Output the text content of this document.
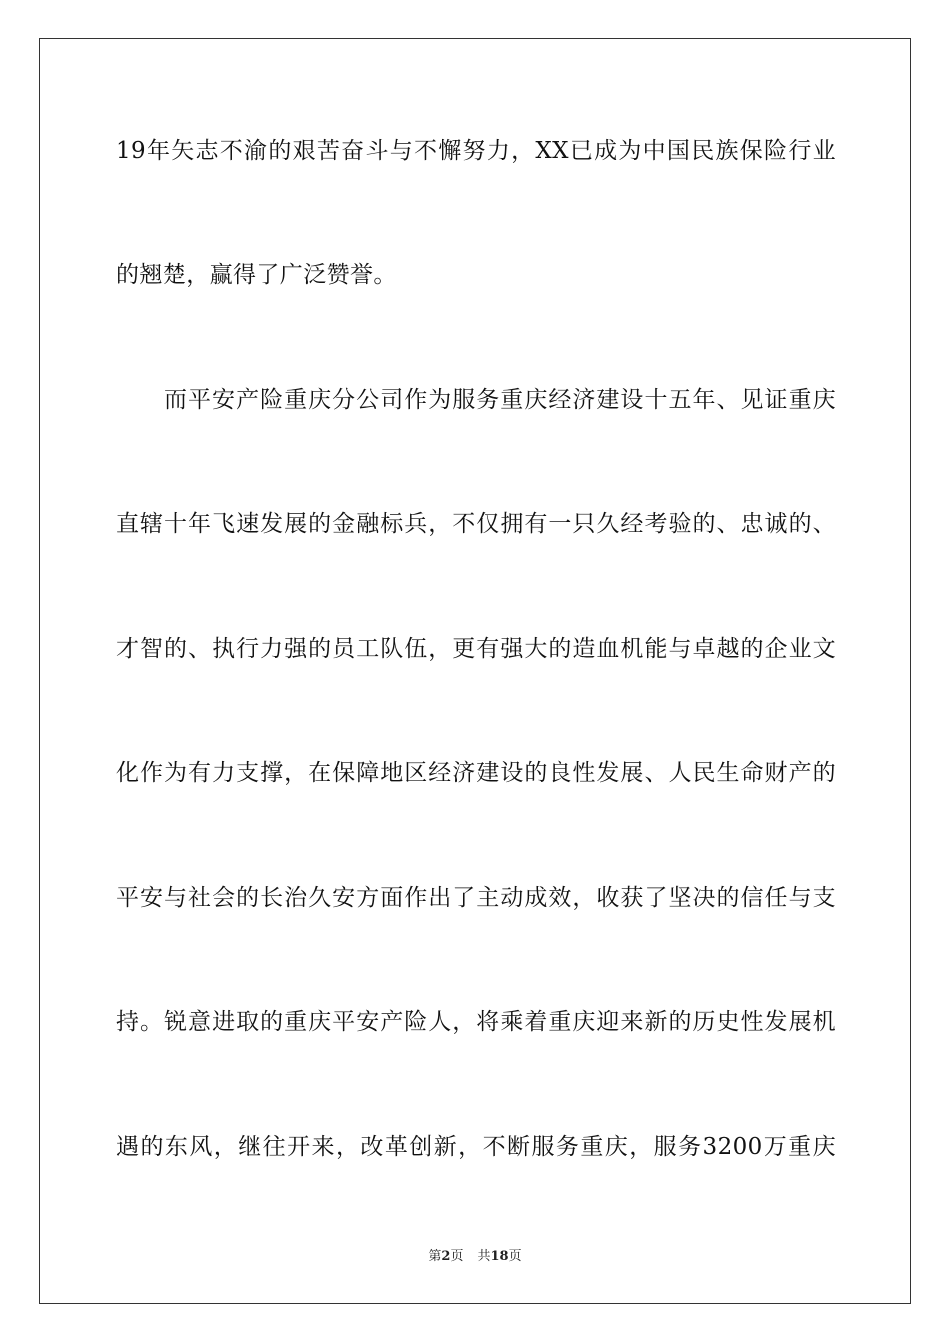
19年矢志不渝的艰苦奋斗与不懈努力，XX已成为中国民族保险行业
的翘楚，赢得了广泛赞誉。
而平安产险重庆分公司作为服务重庆经济建设十五年、见证重庆
直辖十年飞速发展的金融标兵，不仅拥有一只久经考验的、忠诚的、
才智的、执行力强的员工队伍，更有强大的造血机能与卓越的企业文
化作为有力支撑，在保障地区经济建设的良性发展、人民生命财产的
平安与社会的长治久安方面作出了主动成效，收获了坚决的信任与支
持。锐意进取的重庆平安产险人，将乘着重庆迎来新的历史性发展机
遇的东风，继往开来，改革创新，不断服务重庆，服务3200万重庆
第2页 共18页
